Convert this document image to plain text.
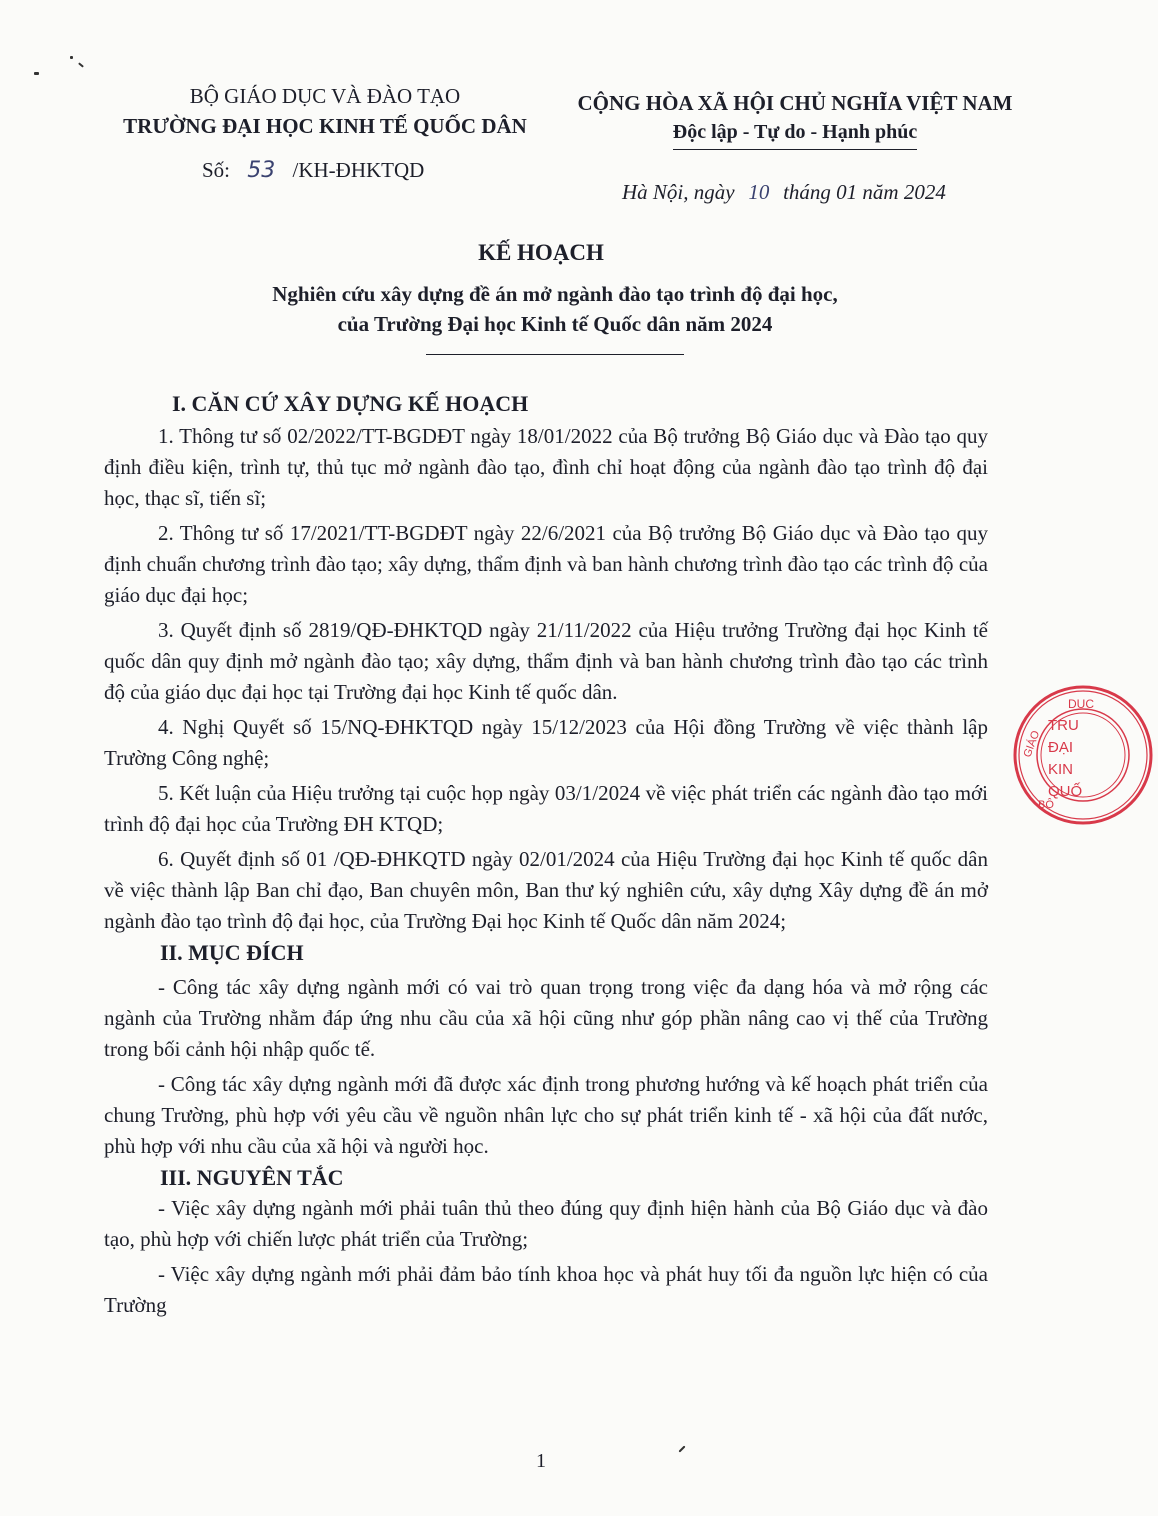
BỘ GIÁO DỤC VÀ ĐÀO TẠO
TRƯỜNG ĐẠI HỌC KINH TẾ QUỐC DÂN
Số: 53 /KH-ĐHKTQD
CỘNG HÒA XÃ HỘI CHỦ NGHĨA VIỆT NAM
Độc lập - Tự do - Hạnh phúc
Hà Nội, ngày 10 tháng 01 năm 2024
KẾ HOẠCH
Nghiên cứu xây dựng đề án mở ngành đào tạo trình độ đại học,
của Trường Đại học Kinh tế Quốc dân năm 2024

I. CĂN CỨ XÂY DỰNG KẾ HOẠCH

1. Thông tư số 02/2022/TT-BGDĐT ngày 18/01/2022 của Bộ trưởng Bộ Giáo dục và Đào tạo quy định điều kiện, trình tự, thủ tục mở ngành đào tạo, đình chỉ hoạt động của ngành đào tạo trình độ đại học, thạc sĩ, tiến sĩ;

2. Thông tư số 17/2021/TT-BGDĐT ngày 22/6/2021 của Bộ trưởng Bộ Giáo dục và Đào tạo quy định chuẩn chương trình đào tạo; xây dựng, thẩm định và ban hành chương trình đào tạo các trình độ của giáo dục đại học;

3. Quyết định số 2819/QĐ-ĐHKTQD ngày 21/11/2022 của Hiệu trưởng Trường đại học Kinh tế quốc dân quy định mở ngành đào tạo; xây dựng, thẩm định và ban hành chương trình đào tạo các trình độ của giáo dục đại học tại Trường đại học Kinh tế quốc dân.

4. Nghị Quyết số 15/NQ-ĐHKTQD ngày 15/12/2023 của Hội đồng Trường về việc thành lập Trường Công nghệ;

5. Kết luận của Hiệu trưởng tại cuộc họp ngày 03/1/2024 về việc phát triển các ngành đào tạo mới trình độ đại học của Trường ĐH KTQD;

6. Quyết định số 01 /QĐ-ĐHKQTD ngày 02/01/2024 của Hiệu Trường đại học Kinh tế quốc dân về việc thành lập Ban chỉ đạo, Ban chuyên môn, Ban thư ký nghiên cứu, xây dựng Xây dựng đề án mở ngành đào tạo trình độ đại học, của Trường Đại học Kinh tế Quốc dân năm 2024;

II. MỤC ĐÍCH

- Công tác xây dựng ngành mới có vai trò quan trọng trong việc đa dạng hóa và mở rộng các ngành của Trường nhằm đáp ứng nhu cầu của xã hội cũng như góp phần nâng cao vị thế của Trường trong bối cảnh hội nhập quốc tế.

- Công tác xây dựng ngành mới đã được xác định trong phương hướng và kế hoạch phát triển của chung Trường, phù hợp với yêu cầu về nguồn nhân lực cho sự phát triển kinh tế - xã hội của đất nước, phù hợp với nhu cầu của xã hội và người học.

III. NGUYÊN TẮC

- Việc xây dựng ngành mới phải tuân thủ theo đúng quy định hiện hành của Bộ Giáo dục và đào tạo, phù hợp với chiến lược phát triển của Trường;

- Việc xây dựng ngành mới phải đảm bảo tính khoa học và phát huy tối đa nguồn lực hiện có của Trường

1
DỤC
GIÁO
BỘ
TRU
ĐẠI
KIN
QUỐ
